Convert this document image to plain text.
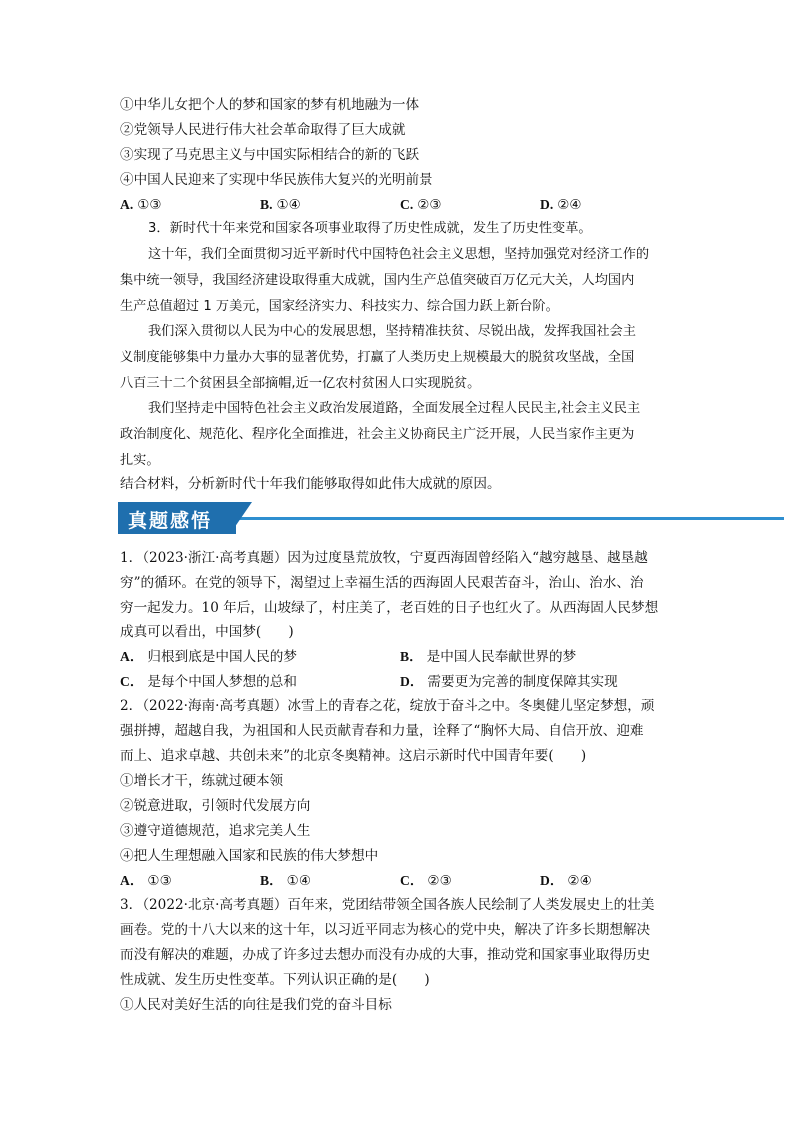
①中华儿女把个人的梦和国家的梦有机地融为一体
②党领导人民进行伟大社会革命取得了巨大成就
③实现了马克思主义与中国实际相结合的新的飞跃
④中国人民迎来了实现中华民族伟大复兴的光明前景
A. ①③	B. ①④	C. ②③	D. ②④
3．新时代十年来党和国家各项事业取得了历史性成就，发生了历史性变革。
这十年，我们全面贯彻习近平新时代中国特色社会主义思想，坚持加强党对经济工作的
集中统一领导，我国经济建设取得重大成就，国内生产总值突破百万亿元大关，人均国内
生产总值超过 1 万美元，国家经济实力、科技实力、综合国力跃上新台阶。
我们深入贯彻以人民为中心的发展思想，坚持精准扶贫、尽锐出战，发挥我国社会主
义制度能够集中力量办大事的显著优势，打赢了人类历史上规模最大的脱贫攻坚战，全国
八百三十二个贫困县全部摘帽,近一亿农村贫困人口实现脱贫。
我们坚持走中国特色社会主义政治发展道路，全面发展全过程人民民主,社会主义民主
政治制度化、规范化、程序化全面推进，社会主义协商民主广泛开展，人民当家作主更为
扎实。
结合材料，分析新时代十年我们能够取得如此伟大成就的原因。
真题感悟
1．（2023·浙江·高考真题）因为过度垦荒放牧，宁夏西海固曾经陷入“越穷越垦、越垦越
穷”的循环。在党的领导下，渴望过上幸福生活的西海固人民艰苦奋斗，治山、治水、治
穷一起发力。10 年后，山坡绿了，村庄美了，老百姓的日子也红火了。从西海固人民梦想
成真可以看出，中国梦(　　)
A． 归根到底是中国人民的梦	B． 是中国人民奉献世界的梦
C． 是每个中国人梦想的总和	D． 需要更为完善的制度保障其实现
2．（2022·海南·高考真题）冰雪上的青春之花，绽放于奋斗之中。冬奥健儿坚定梦想，顽
强拼搏，超越自我，为祖国和人民贡献青春和力量，诠释了“胸怀大局、自信开放、迎难
而上、追求卓越、共创未来”的北京冬奥精神。这启示新时代中国青年要(　　)
①增长才干，练就过硬本领
②锐意进取，引领时代发展方向
③遵守道德规范，追求完美人生
④把人生理想融入国家和民族的伟大梦想中
A． ①③	B． ①④	C． ②③	D． ②④
3．（2022·北京·高考真题）百年来，党团结带领全国各族人民绘制了人类发展史上的壮美
画卷。党的十八大以来的这十年，以习近平同志为核心的党中央，解决了许多长期想解决
而没有解决的难题，办成了许多过去想办而没有办成的大事，推动党和国家事业取得历史
性成就、发生历史性变革。下列认识正确的是(　　)
①人民对美好生活的向往是我们党的奋斗目标
